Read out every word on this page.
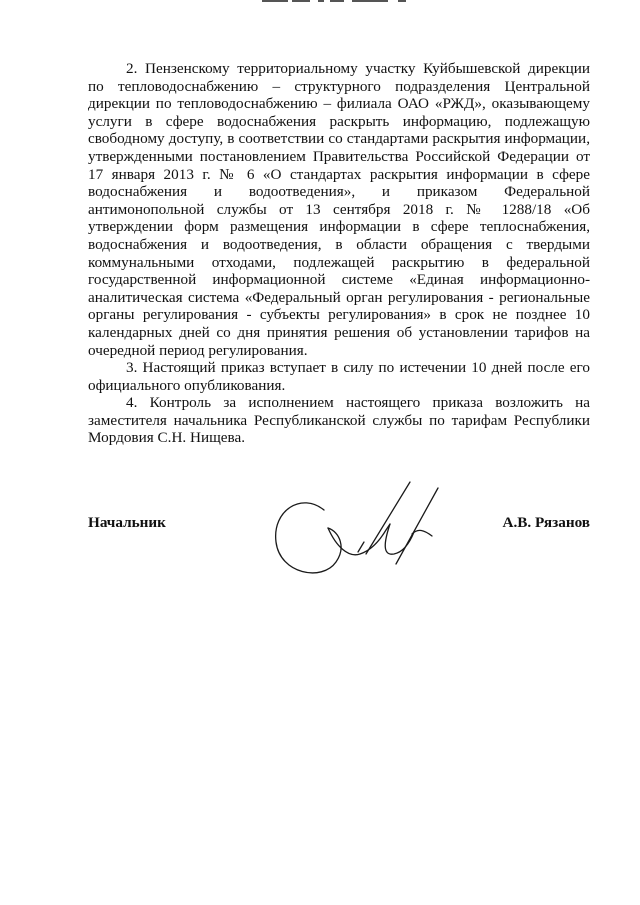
2. Пензенскому территориальному участку Куйбышевской дирекции по тепловодоснабжению – структурного подразделения Центральной дирекции по тепловодоснабжению – филиала ОАО «РЖД», оказывающему услуги в сфере водоснабжения раскрыть информацию, подлежащую свободному доступу, в соответствии со стандартами раскрытия информации, утвержденными постановлением Правительства Российской Федерации от 17 января 2013 г. № 6 «О стандартах раскрытия информации в сфере водоснабжения и водоотведения», и приказом Федеральной антимонопольной службы от 13 сентября 2018 г. № 1288/18 «Об утверждении форм размещения информации в сфере теплоснабжения, водоснабжения и водоотведения, в области обращения с твердыми коммунальными отходами, подлежащей раскрытию в федеральной государственной информационной системе «Единая информационно-аналитическая система «Федеральный орган регулирования - региональные органы регулирования - субъекты регулирования» в срок не позднее 10 календарных дней со дня принятия решения об установлении тарифов на очередной период регулирования.

3. Настоящий приказ вступает в силу по истечении 10 дней после его официального опубликования.

4. Контроль за исполнением настоящего приказа возложить на заместителя начальника Республиканской службы по тарифам Республики Мордовия С.Н. Нищева.

Начальник	А.В. Рязанов
